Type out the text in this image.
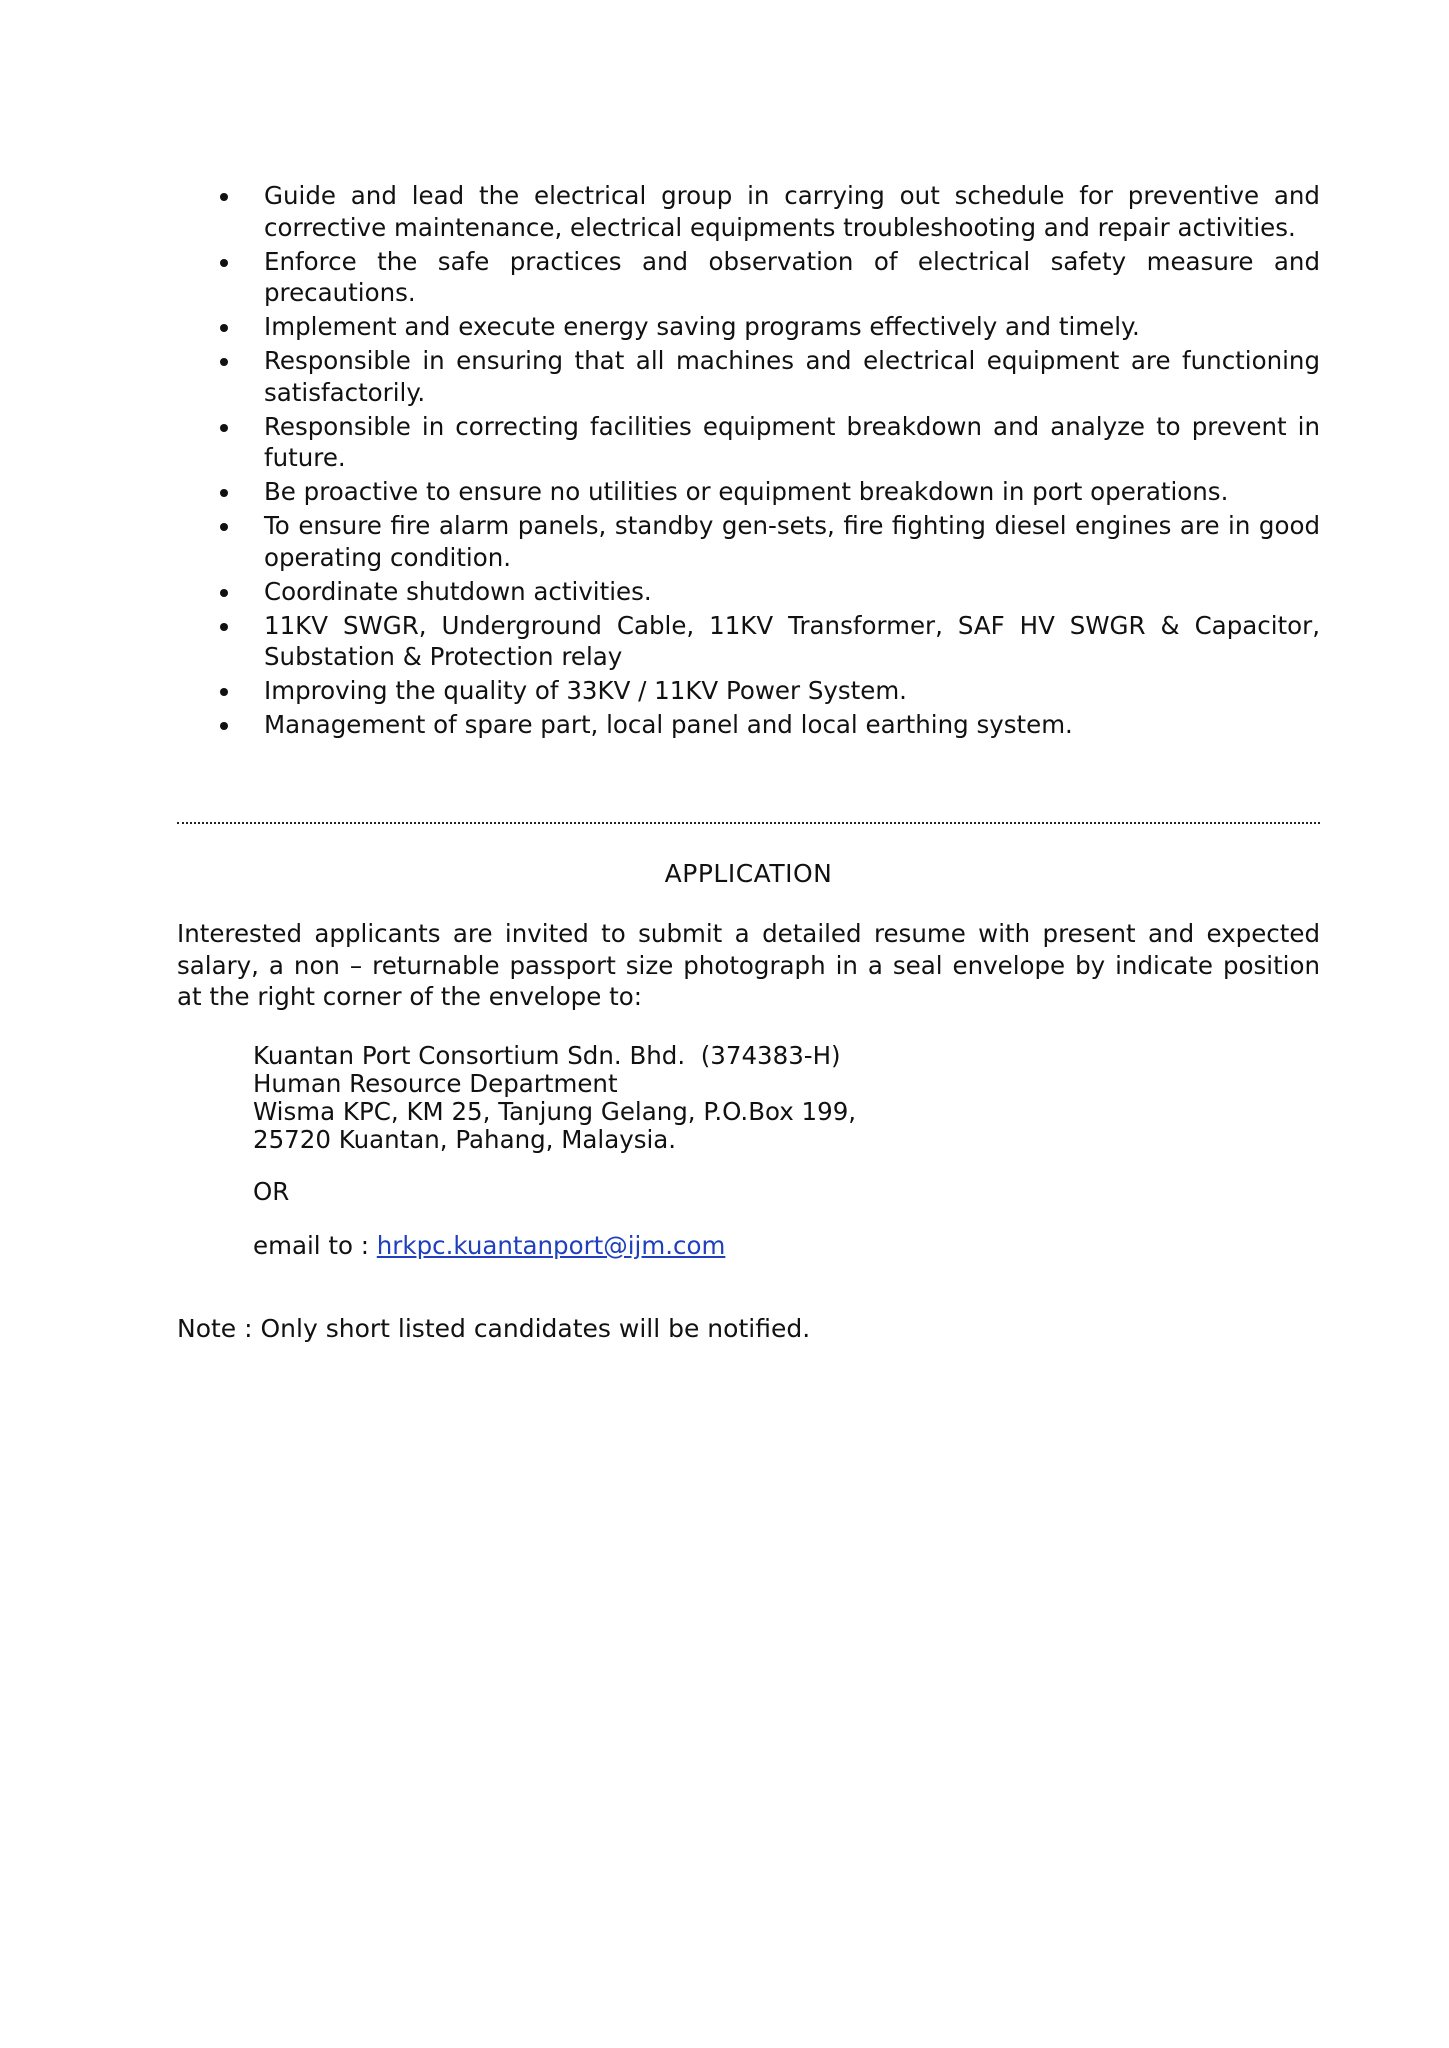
Guide and lead the electrical group in carrying out schedule for preventive and corrective maintenance, electrical equipments troubleshooting and repair activities.
Enforce the safe practices and observation of electrical safety measure and precautions.
Implement and execute energy saving programs effectively and timely.
Responsible in ensuring that all machines and electrical equipment are functioning satisfactorily.
Responsible in correcting facilities equipment breakdown and analyze to prevent in future.
Be proactive to ensure no utilities or equipment breakdown in port operations.
To ensure fire alarm panels, standby gen-sets, fire fighting diesel engines are in good operating condition.
Coordinate shutdown activities.
11KV SWGR, Underground Cable, 11KV Transformer, SAF HV SWGR & Capacitor, Substation & Protection relay
Improving the quality of 33KV / 11KV Power System.
Management of spare part, local panel and local earthing system.
APPLICATION

Interested applicants are invited to submit a detailed resume with present and expected salary, a non – returnable passport size photograph in a seal envelope by indicate position at the right corner of the envelope to:

Kuantan Port Consortium Sdn. Bhd.  (374383-H)
Human Resource Department
Wisma KPC, KM 25, Tanjung Gelang, P.O.Box 199,
25720 Kuantan, Pahang, Malaysia.
OR
email to : hrkpc.kuantanport@ijm.com
Note : Only short listed candidates will be notified.
